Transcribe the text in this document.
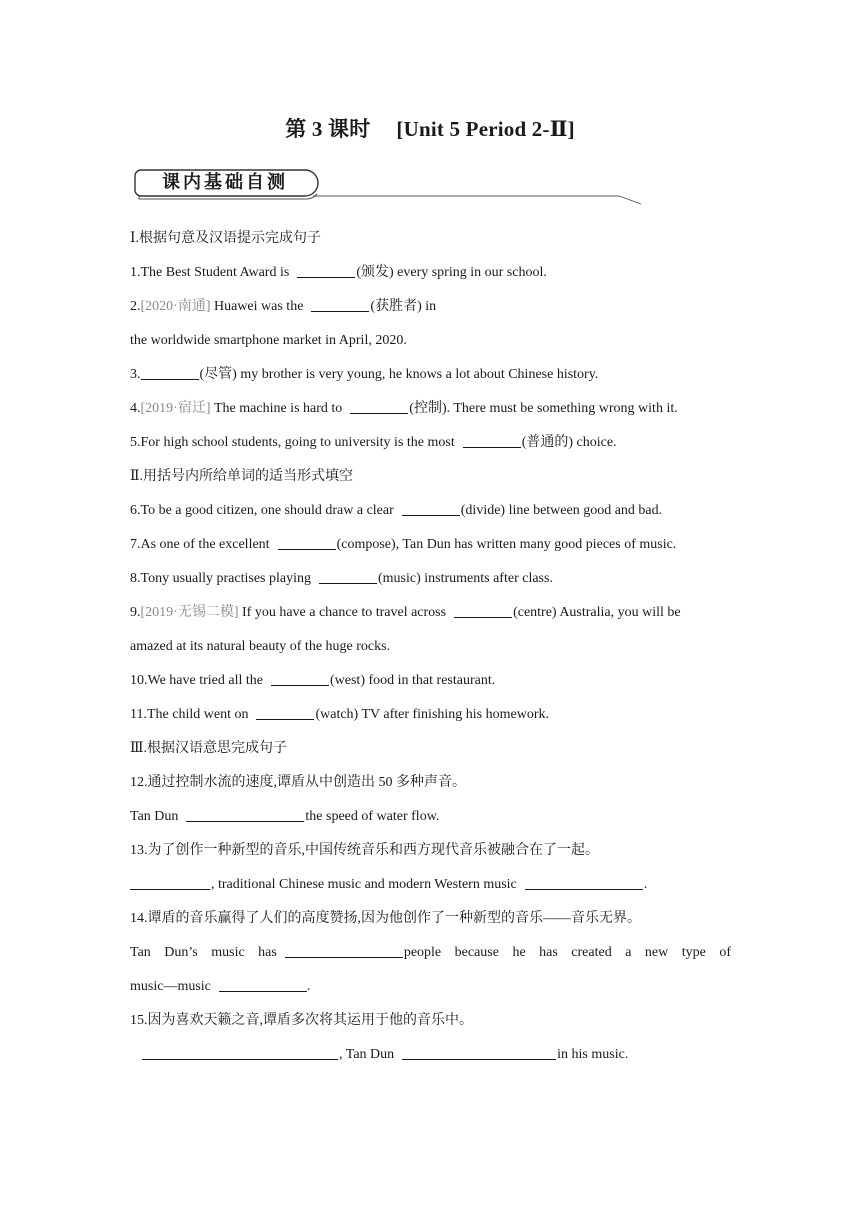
第 3 课时 [Unit 5 Period 2-Ⅱ]
课内基础自测
Ⅰ.根据句意及汉语提示完成句子
1.The Best Student Award is	(颁发) every spring in our school.
2.[2020·南通] Huawei was the	(获胜者) in
the worldwide smartphone market in April, 2020.
3.	(尽管) my brother is very young, he knows a lot about Chinese history.
4.[2019·宿迁] The machine is hard to	(控制). There must be something wrong with it.
5.For high school students, going to university is the most	(普通的) choice.
Ⅱ.用括号内所给单词的适当形式填空
6.To be a good citizen, one should draw a clear	(divide) line between good and bad.
7.As one of the excellent	(compose), Tan Dun has written many good pieces of music.
8.Tony usually practises playing	(music) instruments after class.
9.[2019·无锡二模] If you have a chance to travel across	(centre) Australia, you will be
amazed at its natural beauty of the huge rocks.
10.We have tried all the	(west) food in that restaurant.
11.The child went on	(watch) TV after finishing his homework.
Ⅲ.根据汉语意思完成句子
12.通过控制水流的速度,谭盾从中创造出 50 多种声音。
Tan Dun	the speed of water flow.
13.为了创作一种新型的音乐,中国传统音乐和西方现代音乐被融合在了一起。
, traditional Chinese music and modern Western music	.
14.谭盾的音乐赢得了人们的高度赞扬,因为他创作了一种新型的音乐——音乐无界。
Tan Dun’s music has	people because he has created a new type of
music—music	.
15.因为喜欢天籁之音,谭盾多次将其运用于他的音乐中。
, Tan Dun	in his music.
